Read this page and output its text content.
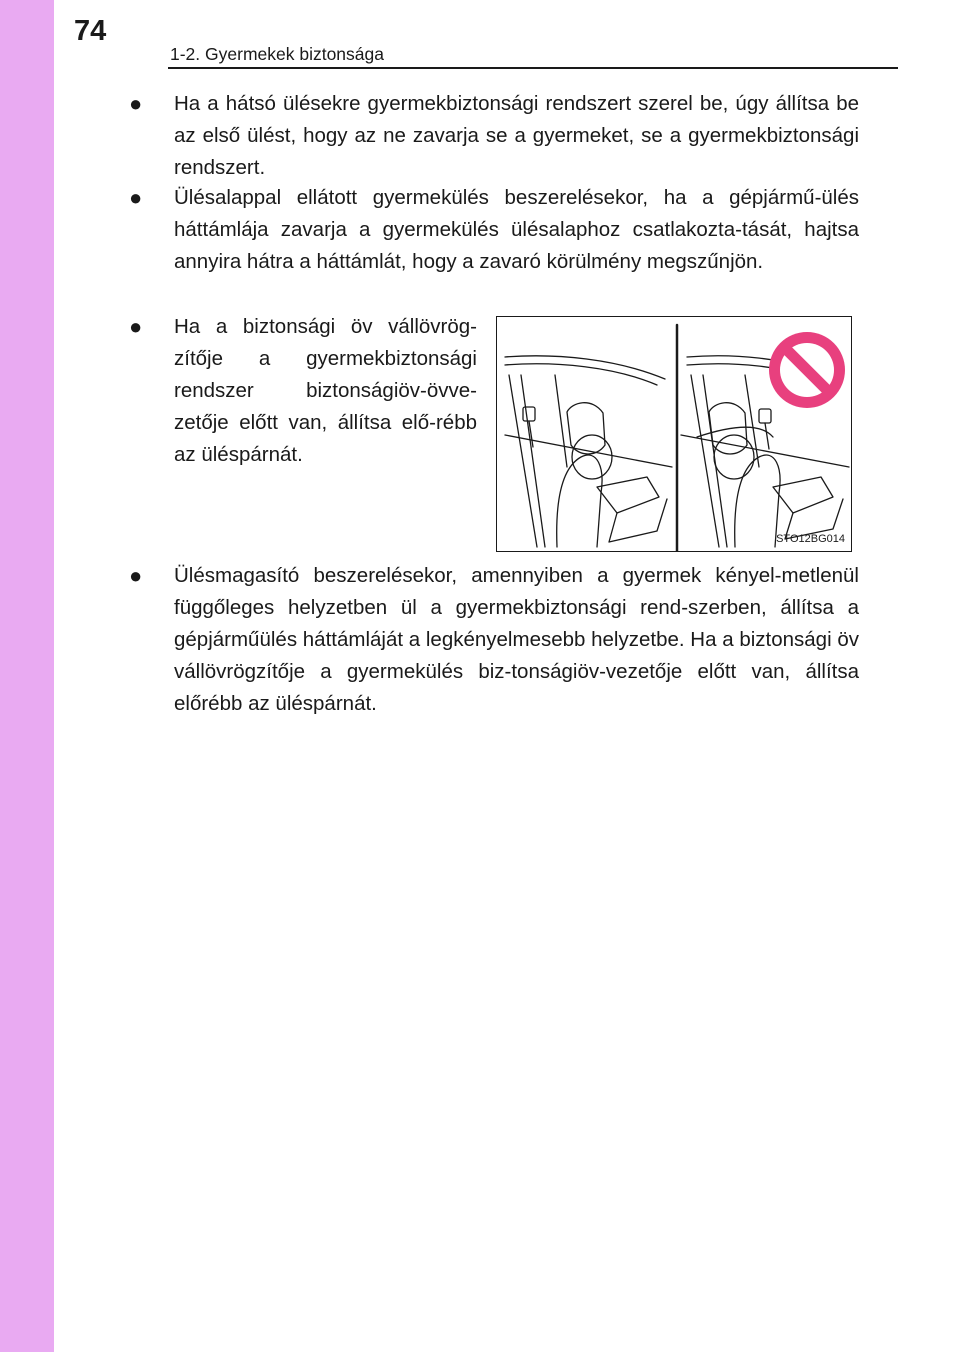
74
1-2. Gyermekek biztonsága
●	Ha a hátsó ülésekre gyermekbiztonsági rendszert szerel be, úgy állítsa be az első ülést, hogy az ne zavarja se a gyermeket, se a gyermekbiztonsági rendszert.
●	Ülésalappal ellátott gyermekülés beszerelésekor, ha a gépjármű-ülés háttámlája zavarja a gyermekülés ülésalaphoz csatlakozta-tását, hajtsa annyira hátra a háttámlát, hogy a zavaró körülmény megszűnjön.
●	Ha a biztonsági öv vállövrög-zítője a gyermekbiztonsági rendszer biztonságiöv-övve-zetője előtt van, állítsa elő-rébb az üléspárnát.
STO12BG014
●	Ülésmagasító beszerelésekor, amennyiben a gyermek kényel-metlenül függőleges helyzetben ül a gyermekbiztonsági rend-szerben, állítsa a gépjárműülés háttámláját a legkényelmesebb helyzetbe. Ha a biztonsági öv vállövrögzítője a gyermekülés biz-tonságiöv-vezetője előtt van, állítsa előrébb az üléspárnát.
